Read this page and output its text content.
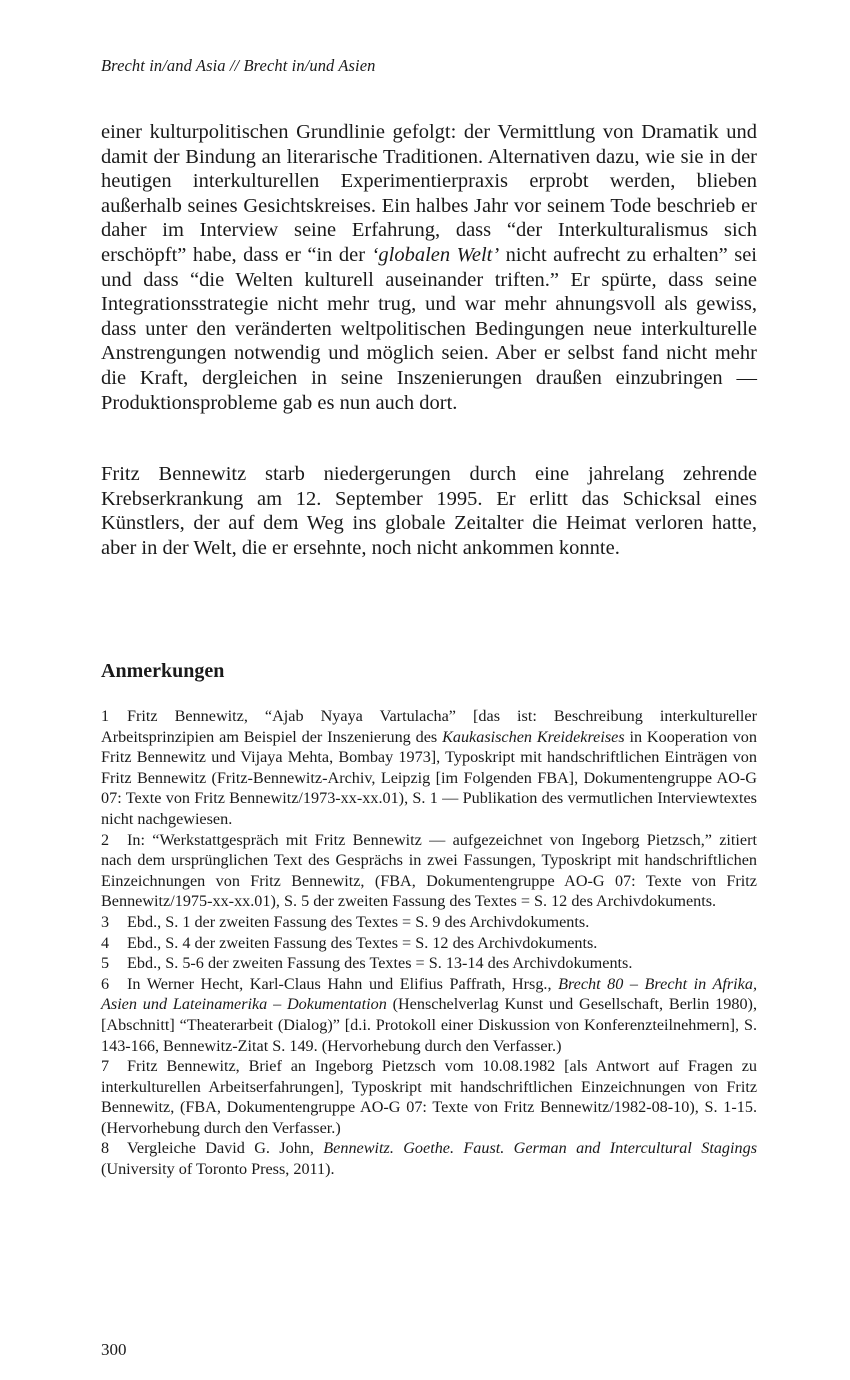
Brecht in/and Asia // Brecht in/und Asien

einer kulturpolitischen Grundlinie gefolgt: der Vermittlung von Dramatik und damit der Bindung an literarische Traditionen. Alternativen dazu, wie sie in der heutigen interkulturellen Experimentierpraxis erprobt werden, blieben außerhalb seines Gesichtskreises. Ein halbes Jahr vor seinem Tode beschrieb er daher im Interview seine Erfahrung, dass “der Interkulturalismus sich erschöpft” habe, dass er “in der ‘globalen Welt’ nicht aufrecht zu erhalten” sei und dass “die Welten kulturell auseinander triften.” Er spürte, dass seine Integrationsstrategie nicht mehr trug, und war mehr ahnungsvoll als gewiss, dass unter den veränderten weltpolitischen Bedingungen neue interkulturelle Anstrengungen notwendig und möglich seien. Aber er selbst fand nicht mehr die Kraft, dergleichen in seine Inszenierungen draußen einzubringen — Produktionsprobleme gab es nun auch dort.

Fritz Bennewitz starb niedergerungen durch eine jahrelang zehrende Krebserkrankung am 12. September 1995. Er erlitt das Schicksal eines Künstlers, der auf dem Weg ins globale Zeitalter die Heimat verloren hatte, aber in der Welt, die er ersehnte, noch nicht ankommen konnte.

Anmerkungen

1 Fritz Bennewitz, “Ajab Nyaya Vartulacha” [das ist: Beschreibung interkultureller Arbeitsprinzipien am Beispiel der Inszenierung des Kaukasischen Kreidekreises in Kooperation von Fritz Bennewitz und Vijaya Mehta, Bombay 1973], Typoskript mit handschriftlichen Einträgen von Fritz Bennewitz (Fritz-Bennewitz-Archiv, Leipzig [im Folgenden FBA], Dokumentengruppe AO-G 07: Texte von Fritz Bennewitz/1973-xx-xx.01), S. 1 — Publikation des vermutlichen Interviewtextes nicht nachgewiesen.

2 In: “Werkstattgespräch mit Fritz Bennewitz — aufgezeichnet von Ingeborg Pietzsch,” zitiert nach dem ursprünglichen Text des Gesprächs in zwei Fassungen, Typoskript mit handschriftlichen Einzeichnungen von Fritz Bennewitz, (FBA, Dokumentengruppe AO-G 07: Texte von Fritz Bennewitz/1975-xx-xx.01), S. 5 der zweiten Fassung des Textes = S. 12 des Archivdokuments.

3 Ebd., S. 1 der zweiten Fassung des Textes = S. 9 des Archivdokuments.

4 Ebd., S. 4 der zweiten Fassung des Textes = S. 12 des Archivdokuments.

5 Ebd., S. 5-6 der zweiten Fassung des Textes = S. 13-14 des Archivdokuments.

6 In Werner Hecht, Karl-Claus Hahn und Elifius Paffrath, Hrsg., Brecht 80 – Brecht in Afrika, Asien und Lateinamerika – Dokumentation (Henschelverlag Kunst und Gesellschaft, Berlin 1980), [Abschnitt] “Theaterarbeit (Dialog)” [d.i. Protokoll einer Diskussion von Konferenzteilnehmern], S. 143-166, Bennewitz-Zitat S. 149. (Hervorhebung durch den Verfasser.)

7 Fritz Bennewitz, Brief an Ingeborg Pietzsch vom 10.08.1982 [als Antwort auf Fragen zu interkulturellen Arbeitserfahrungen], Typoskript mit handschriftlichen Einzeichnungen von Fritz Bennewitz, (FBA, Dokumentengruppe AO-G 07: Texte von Fritz Bennewitz/1982-08-10), S. 1-15. (Hervorhebung durch den Verfasser.)

8 Vergleiche David G. John, Bennewitz. Goethe. Faust. German and Intercultural Stagings (University of Toronto Press, 2011).

300
